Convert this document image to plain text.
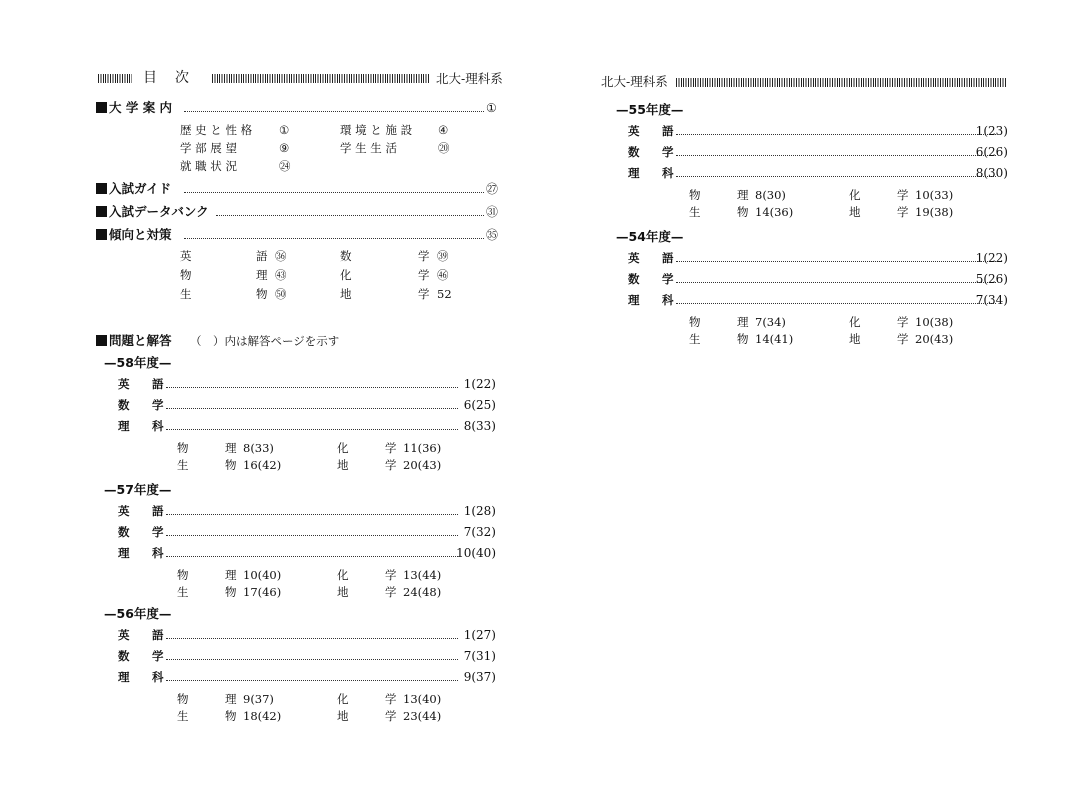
目　次	北大-理科系
大 学 案 内	①
歴 史 と 性 格 ①	環 境 と 施 設 ④
学 部 展 望	⑨	学 生 生 活	⑳
就 職 状 況	㉔
入試ガイド	㉗
入試データバンク	㉛
傾向と対策	㉟
英	語 ㊱	数	学 ㊴
物	理 ㊸	化	学 ㊻
生	物 ㊿	地	学 52
問題と解答 （　）内は解答ページを示す
—58年度—
英 語	1(22)
数 学	6(25)
理 科	8(33)
物	理 8(33)	化	学 11(36)
生	物 16(42)	地	学 20(43)
—57年度—
英 語	1(28)
数 学	7(32)
理 科	10(40)
物	理 10(40)	化	学 13(44)
生	物 17(46)	地	学 24(48)
—56年度—
英 語	1(27)
数 学	7(31)
理 科	9(37)
物	理 9(37)	化	学 13(40)
生	物 18(42)	地	学 23(44)
北大-理科系
—55年度—
英 語	1(23)
数 学	6(26)
理 科	8(30)
物	理 8(30)	化	学 10(33)
生	物 14(36)	地	学 19(38)
—54年度—
英 語	1(22)
数 学	5(26)
理 科	7(34)
物	理 7(34)	化	学 10(38)
生	物 14(41)	地	学 20(43)
